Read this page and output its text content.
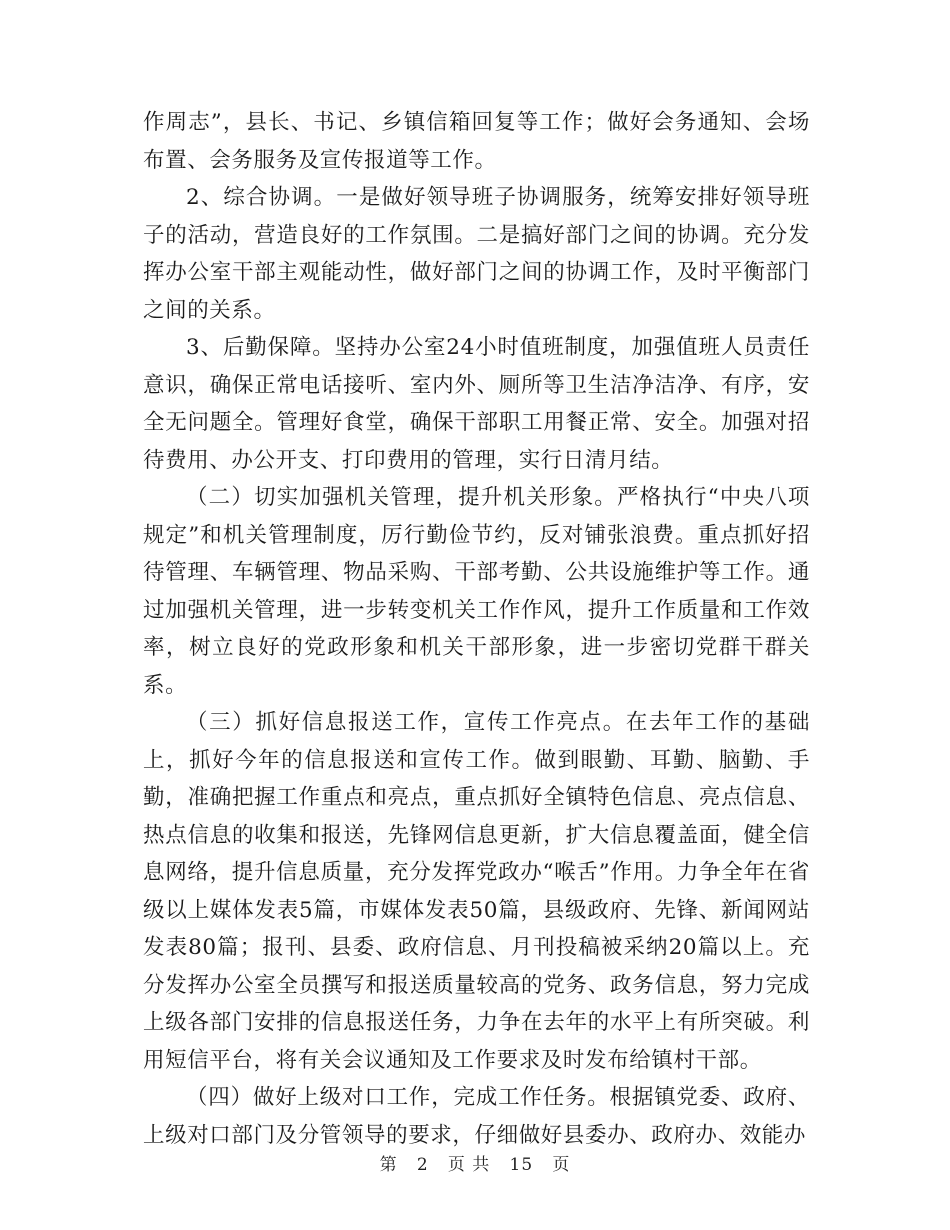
作周志”，县长、书记、乡镇信箱回复等工作；做好会务通知、会场布置、会务服务及宣传报道等工作。

2、综合协调。一是做好领导班子协调服务，统筹安排好领导班子的活动，营造良好的工作氛围。二是搞好部门之间的协调。充分发挥办公室干部主观能动性，做好部门之间的协调工作，及时平衡部门之间的关系。

3、后勤保障。坚持办公室24小时值班制度，加强值班人员责任意识，确保正常电话接听、室内外、厕所等卫生洁净洁净、有序，安全无问题全。管理好食堂，确保干部职工用餐正常、安全。加强对招待费用、办公开支、打印费用的管理，实行日清月结。

（二）切实加强机关管理，提升机关形象。严格执行“中央八项规定”和机关管理制度，厉行勤俭节约，反对铺张浪费。重点抓好招待管理、车辆管理、物品采购、干部考勤、公共设施维护等工作。通过加强机关管理，进一步转变机关工作作风，提升工作质量和工作效率，树立良好的党政形象和机关干部形象，进一步密切党群干群关系。

（三）抓好信息报送工作，宣传工作亮点。在去年工作的基础上，抓好今年的信息报送和宣传工作。做到眼勤、耳勤、脑勤、手勤，准确把握工作重点和亮点，重点抓好全镇特色信息、亮点信息、热点信息的收集和报送，先锋网信息更新，扩大信息覆盖面，健全信息网络，提升信息质量，充分发挥党政办“喉舌”作用。力争全年在省级以上媒体发表5篇，市媒体发表50篇，县级政府、先锋、新闻网站发表80篇；报刊、县委、政府信息、月刊投稿被采纳20篇以上。充分发挥办公室全员撰写和报送质量较高的党务、政务信息，努力完成上级各部门安排的信息报送任务，力争在去年的水平上有所突破。利用短信平台，将有关会议通知及工作要求及时发布给镇村干部。

（四）做好上级对口工作，完成工作任务。根据镇党委、政府、上级对口部门及分管领导的要求，仔细做好县委办、政府办、效能办

第 2 页 共 15 页
